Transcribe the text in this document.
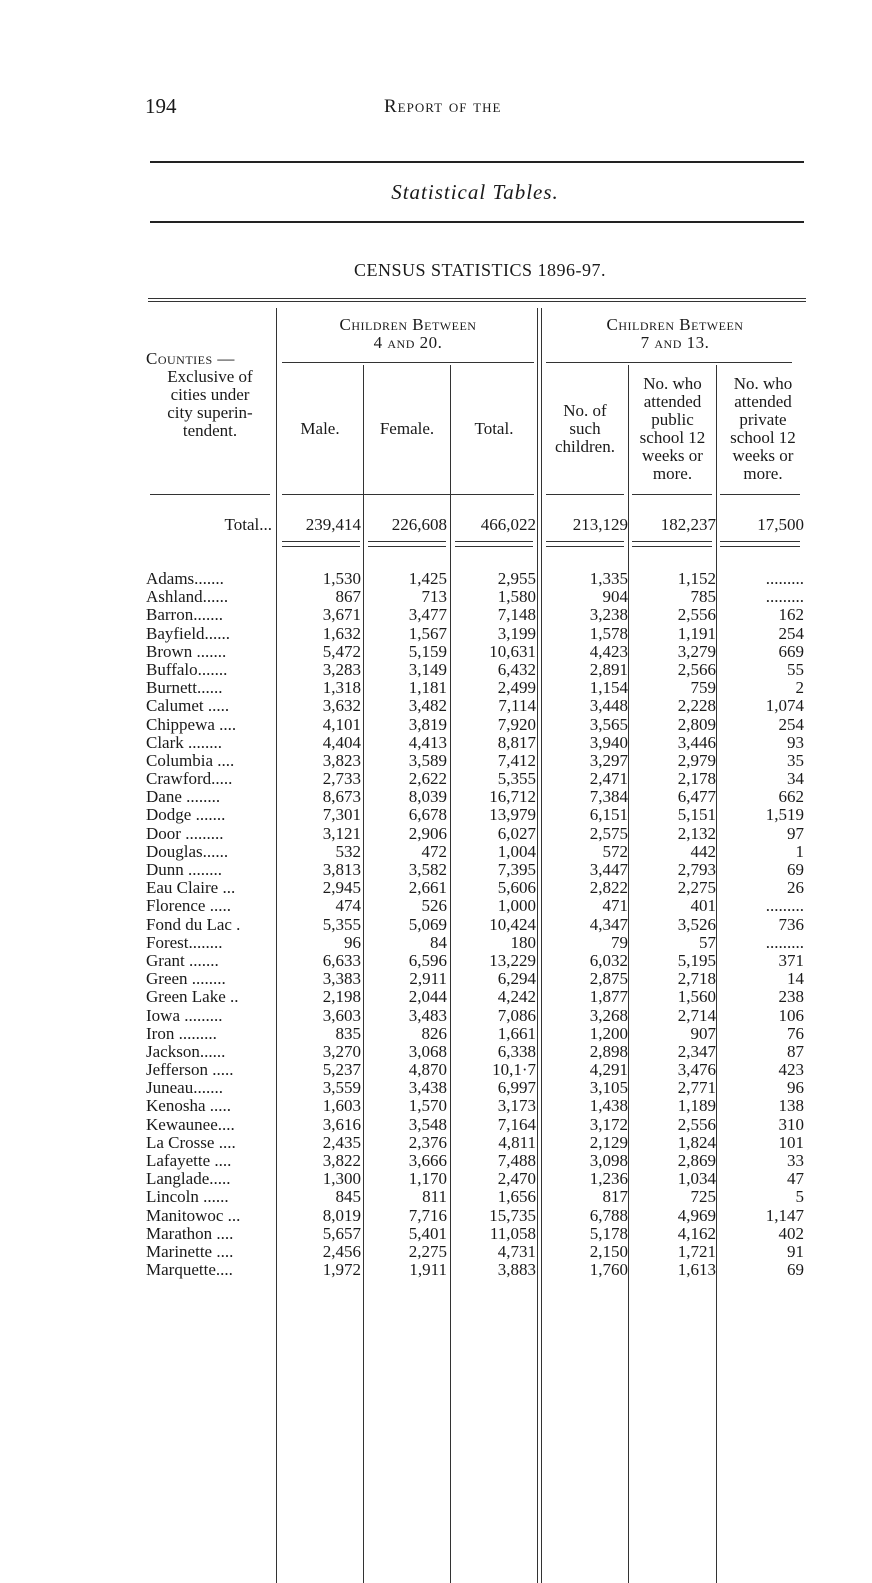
194	Report of the
Statistical Tables.
CENSUS STATISTICS 1896-97.
Counties —
Exclusive of
cities under
city superin-
tendent.
Children Between
4 and 20.
Children Between
7 and 13.
Male.	Female.	Total.
No. of
such
children.
No. who
attended
public
school 12
weeks or
more.
No. who
attended
private
school 12
weeks or
more.
Total... 239,414 226,608 466,022 213,129 182,237 17,500
Adams.......	1,530	1,425	2,955	1,335	1,152	.........
Ashland......	867	713	1,580	904	785	.........
Barron.......	3,671	3,477	7,148	3,238	2,556	162
Bayfield......	1,632	1,567	3,199	1,578	1,191	254
Brown .......	5,472	5,159 10,631	4,423	3,279	669
Buffalo.......	3,283	3,149	6,432	2,891	2,566	55
Burnett......	1,318	1,181	2,499	1,154	759	2
Calumet .....	3,632	3,482	7,114	3,448	2,228	1,074
Chippewa ....	4,101	3,819	7,920	3,565	2,809	254
Clark ........	4,404	4,413	8,817	3,940	3,446	93
Columbia ....	3,823	3,589	7,412	3,297	2,979	35
Crawford.....	2,733	2,622	5,355	2,471	2,178	34
Dane ........	8,673	8,039 16,712	7,384	6,477	662
Dodge .......	7,301	6,678 13,979	6,151	5,151	1,519
Door .........	3,121	2,906	6,027	2,575	2,132	97
Douglas......	532	472	1,004	572	442	1
Dunn ........	3,813	3,582	7,395	3,447	2,793	69
Eau Claire ...	2,945	2,661	5,606	2,822	2,275	26
Florence .....	474	526	1,000	471	401	.........
Fond du Lac .	5,355	5,069 10,424	4,347	3,526	736
Forest........	96	84	180	79	57	.........
Grant .......	6,633	6,596 13,229	6,032	5,195	371
Green ........	3,383	2,911	6,294	2,875	2,718	14
Green Lake ..	2,198	2,044	4,242	1,877	1,560	238
Iowa .........	3,603	3,483	7,086	3,268	2,714	106
Iron .........	835	826	1,661	1,200	907	76
Jackson......	3,270	3,068	6,338	2,898	2,347	87
Jefferson .....	5,237	4,870	10,1·7	4,291	3,476	423
Juneau.......	3,559	3,438	6,997	3,105	2,771	96
Kenosha .....	1,603	1,570	3,173	1,438	1,189	138
Kewaunee....	3,616	3,548	7,164	3,172	2,556	310
La Crosse ....	2,435	2,376	4,811	2,129	1,824	101
Lafayette ....	3,822	3,666	7,488	3,098	2,869	33
Langlade.....	1,300	1,170	2,470	1,236	1,034	47
Lincoln ......	845	811	1,656	817	725	5
Manitowoc ...	8,019	7,716 15,735	6,788	4,969	1,147
Marathon ....	5,657	5,401	11,058	5,178	4,162	402
Marinette ....	2,456	2,275	4,731	2,150	1,721	91
Marquette....	1,972	1,911	3,883	1,760	1,613	69
